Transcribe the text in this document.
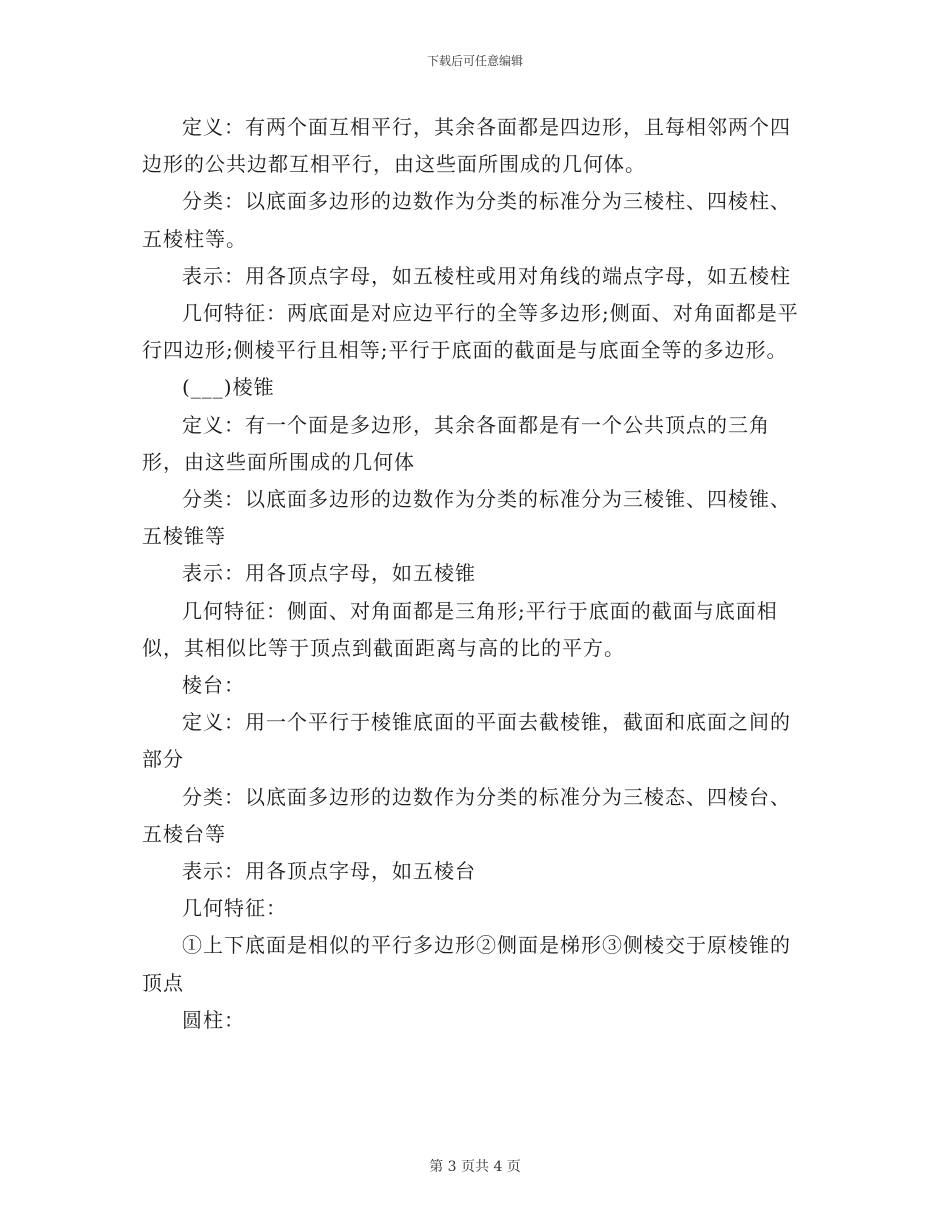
下载后可任意编辑

定义：有两个面互相平行，其余各面都是四边形，且每相邻两个四边形的公共边都互相平行，由这些面所围成的几何体。

分类：以底面多边形的边数作为分类的标准分为三棱柱、四棱柱、五棱柱等。

表示：用各顶点字母，如五棱柱或用对角线的端点字母，如五棱柱

几何特征：两底面是对应边平行的全等多边形;侧面、对角面都是平行四边形;侧棱平行且相等;平行于底面的截面是与底面全等的多边形。

(___)棱锥

定义：有一个面是多边形，其余各面都是有一个公共顶点的三角形，由这些面所围成的几何体

分类：以底面多边形的边数作为分类的标准分为三棱锥、四棱锥、五棱锥等

表示：用各顶点字母，如五棱锥

几何特征：侧面、对角面都是三角形;平行于底面的截面与底面相似，其相似比等于顶点到截面距离与高的比的平方。

棱台：

定义：用一个平行于棱锥底面的平面去截棱锥，截面和底面之间的部分

分类：以底面多边形的边数作为分类的标准分为三棱态、四棱台、五棱台等

表示：用各顶点字母，如五棱台

几何特征：

①上下底面是相似的平行多边形②侧面是梯形③侧棱交于原棱锥的顶点

圆柱：

第 3 页共 4 页
